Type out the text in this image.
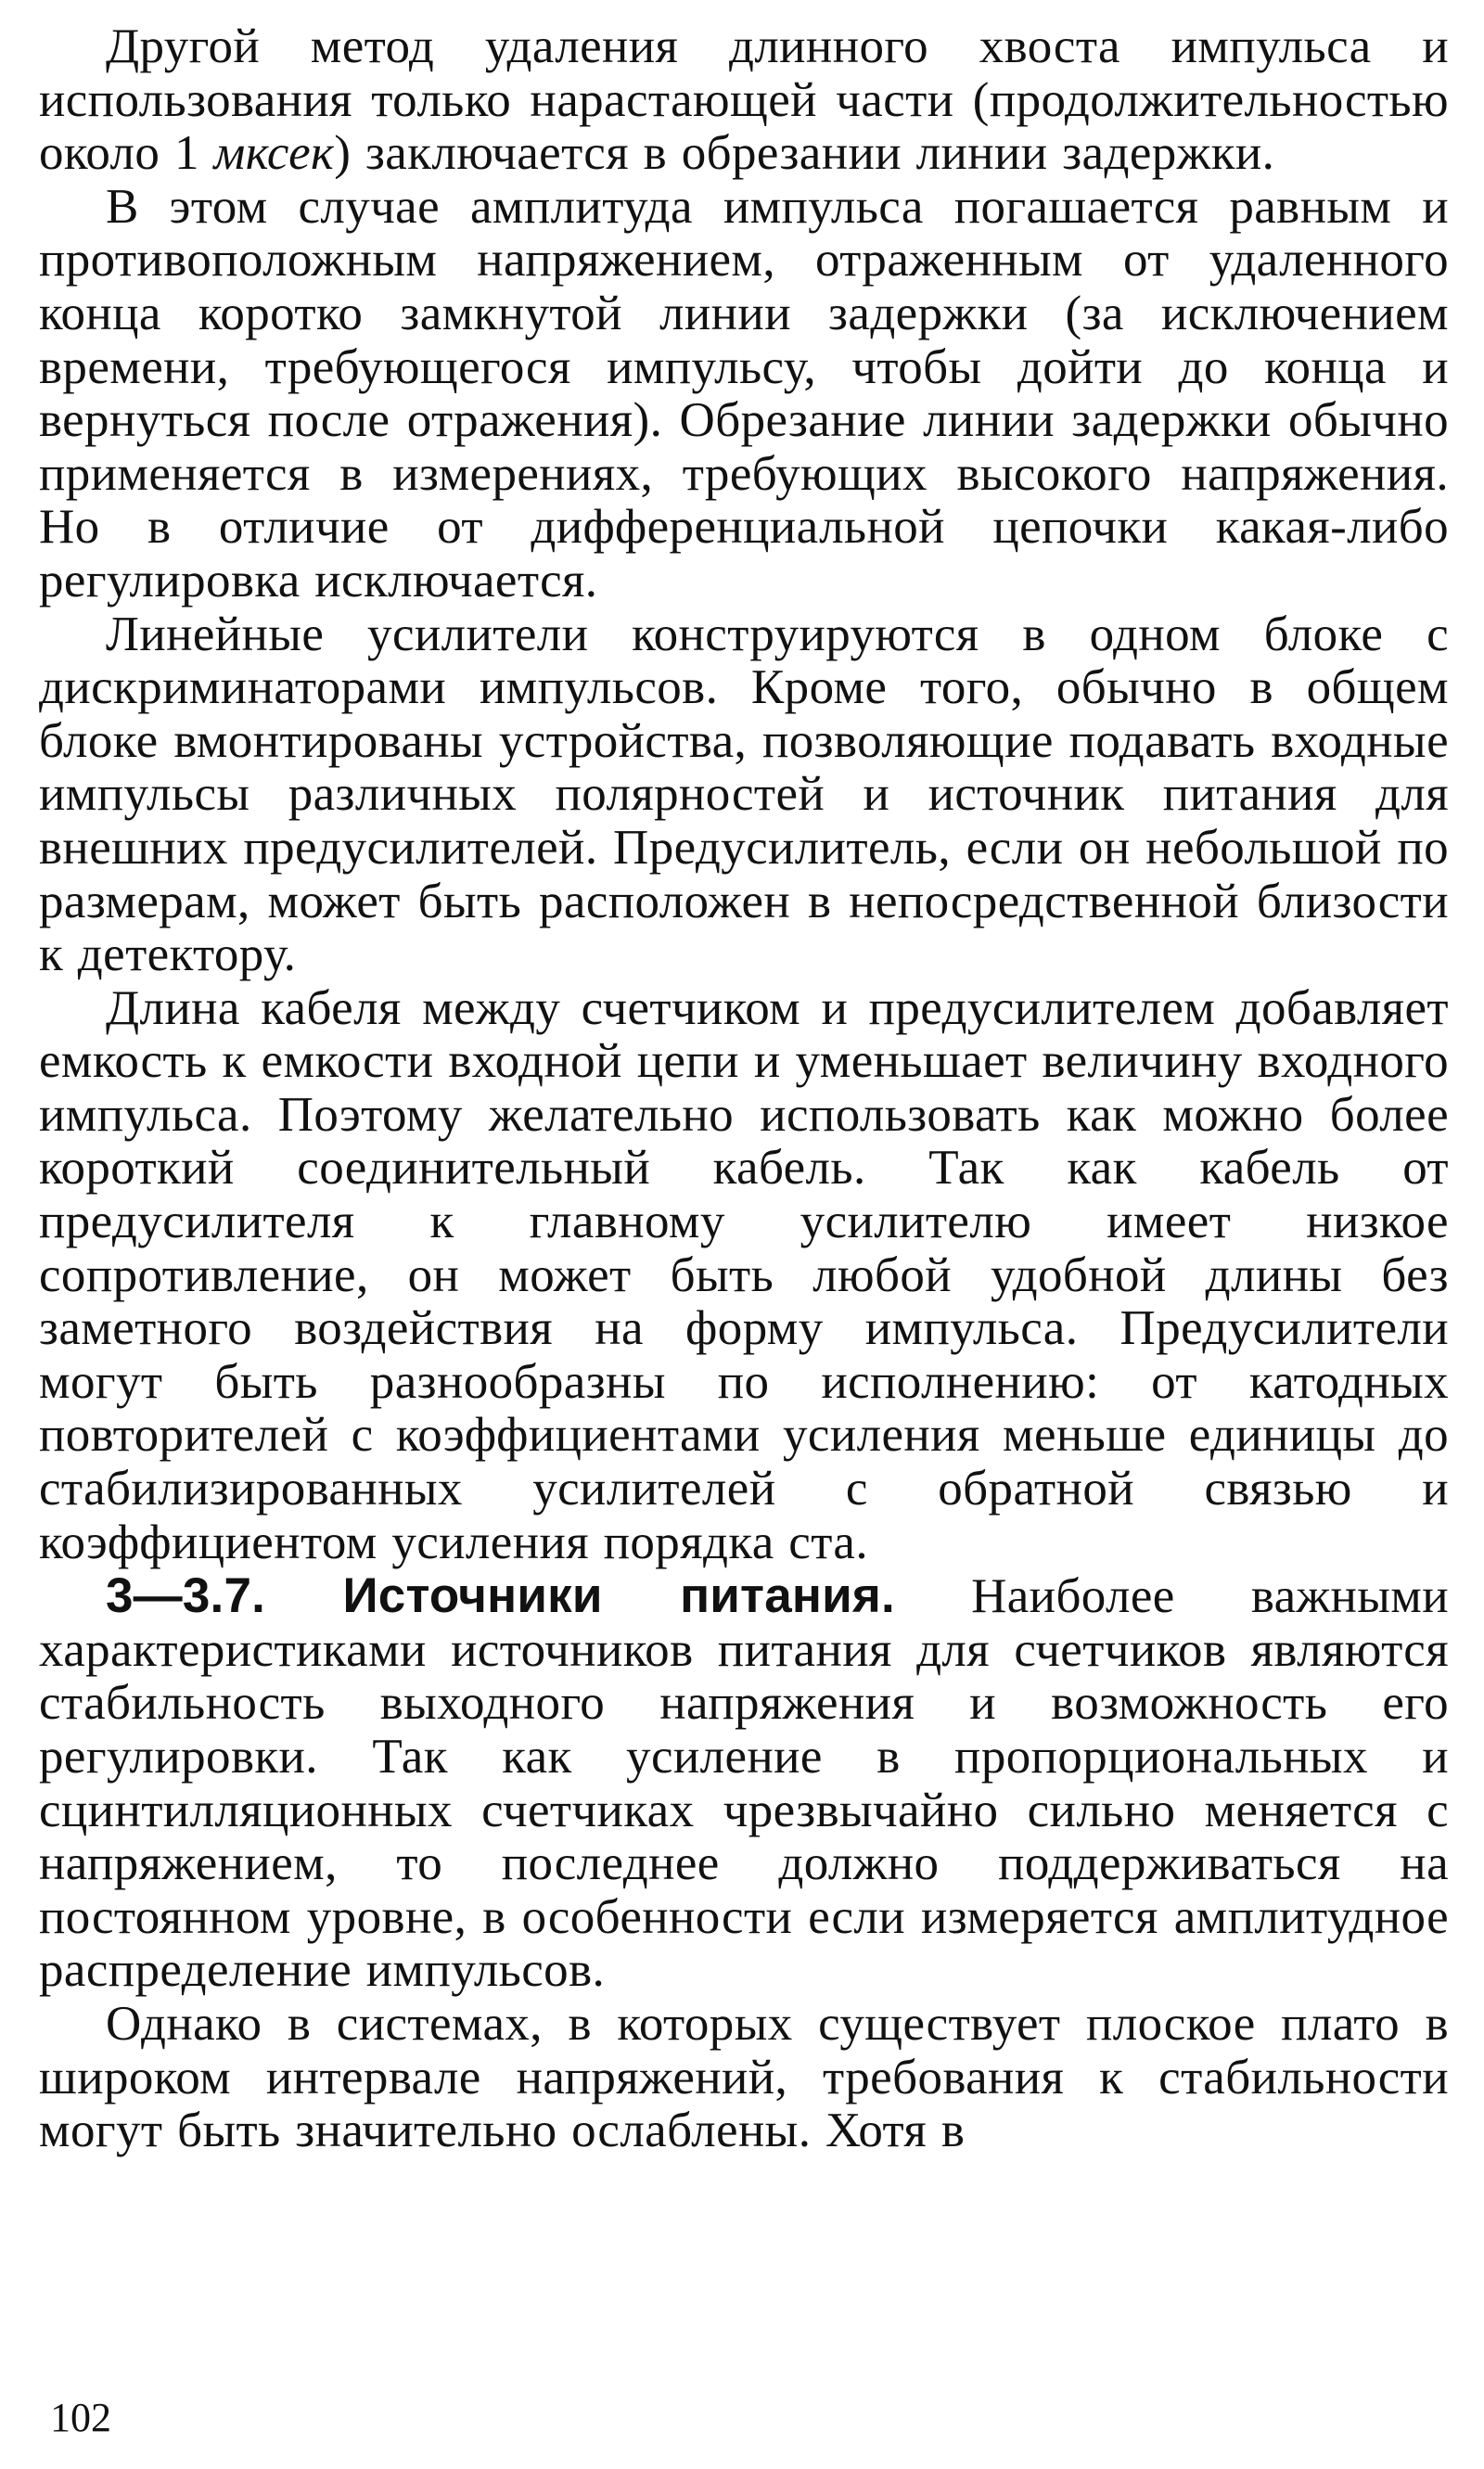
Другой метод удаления длинного хвоста импульса и использования только нарастающей части (продолжительностью около 1 мксек) заключается в обрезании линии задержки.

В этом случае амплитуда импульса погашается равным и противоположным напряжением, отраженным от удаленного конца коротко замкнутой линии задержки (за исключением времени, требующегося импульсу, чтобы дойти до конца и вернуться после отражения). Обрезание линии задержки обычно применяется в измерениях, требующих высокого напряжения. Но в отличие от дифференциальной цепочки какая-либо регулировка исключается.

Линейные усилители конструируются в одном блоке с дискриминаторами импульсов. Кроме того, обычно в общем блоке вмонтированы устройства, позволяющие подавать входные импульсы различных полярностей и источник питания для внешних предусилителей. Предусилитель, если он небольшой по размерам, может быть расположен в непосредственной близости к детектору.

Длина кабеля между счетчиком и предусилителем добавляет емкость к емкости входной цепи и уменьшает величину входного импульса. Поэтому желательно использовать как можно более короткий соединительный кабель. Так как кабель от предусилителя к главному усилителю имеет низкое сопротивление, он может быть любой удобной длины без заметного воздействия на форму импульса. Предусилители могут быть разнообразны по исполнению: от катодных повторителей с коэффициентами усиления меньше единицы до стабилизированных усилителей с обратной связью и коэффициентом усиления порядка ста.

3—3.7. Источники питания. Наиболее важными характеристиками источников питания для счетчиков являются стабильность выходного напряжения и возможность его регулировки. Так как усиление в пропорциональных и сцинтилляционных счетчиках чрезвычайно сильно меняется с напряжением, то последнее должно поддерживаться на постоянном уровне, в особенности если измеряется амплитудное распределение импульсов.

Однако в системах, в которых существует плоское плато в широком интервале напряжений, требования к стабильности могут быть значительно ослаблены. Хотя в

102
